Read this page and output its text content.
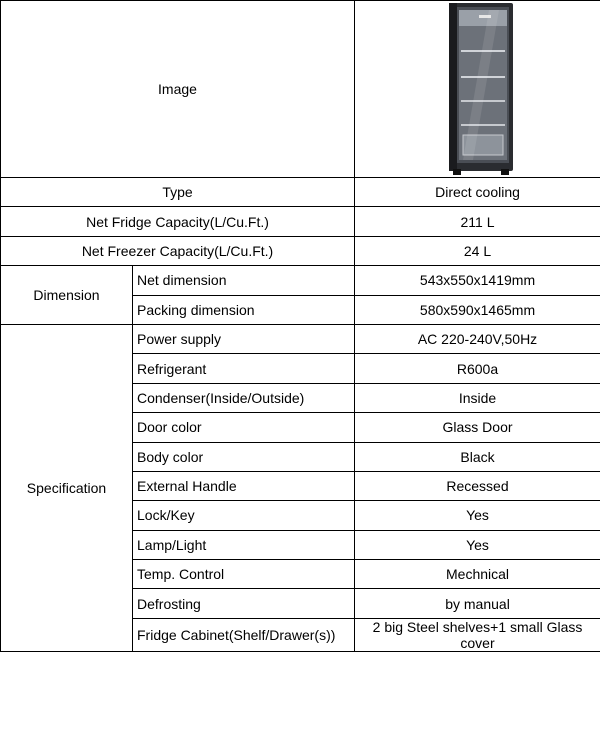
Image	

Type		Direct cooling
Net Fridge Capacity(L/Cu.Ft.)		211 L
Net Freezer Capacity(L/Cu.Ft.)		24 L
Dimension	Net dimension	543x550x1419mm
	Packing dimension	580x590x1465mm
Specification	Power supply	AC 220-240V,50Hz
	Refrigerant	R600a
	Condenser(Inside/Outside)	Inside
	Door color	Glass Door
	Body color	Black
	External Handle	Recessed
	Lock/Key	Yes
	Lamp/Light	Yes
	Temp. Control	Mechnical
	Defrosting	by manual
	Fridge Cabinet(Shelf/Drawer(s))	2 big Steel shelves+1 small Glass cover
